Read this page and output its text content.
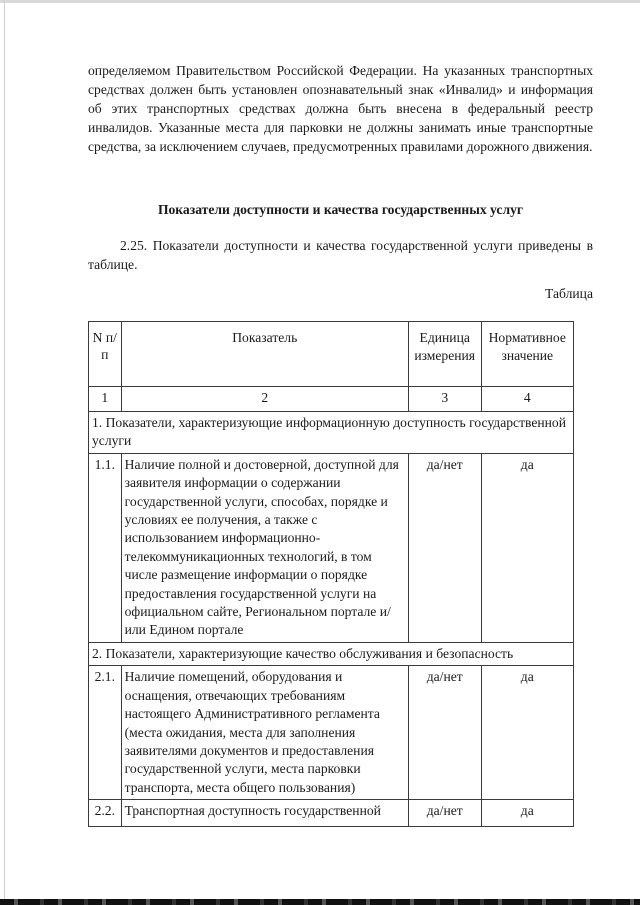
определяемом Правительством Российской Федерации. На указанных транспортных средствах должен быть установлен опознавательный знак «Инвалид» и информация об этих транспортных средствах должна быть внесена в федеральный реестр инвалидов. Указанные места для парковки не должны занимать иные транспортные средства, за исключением случаев, предусмотренных правилами дорожного движения.

Показатели доступности и качества государственных услуг

2.25. Показатели доступности и качества государственной услуги приведены в таблице.

Таблица

N п/п	Показатель	Единица измерения	Нормативное значение
1	2	3	4
1. Показатели, характеризующие информационную доступность государственной услуги			
1.1.	Наличие полной и достоверной, доступной для заявителя информации о содержании государственной услуги, способах, порядке и условиях ее получения, а также с использованием информационно-телекоммуникационных технологий, в том числе размещение информации о порядке предоставления государственной услуги на официальном сайте, Региональном портале и/или Едином портале	да/нет	да
2. Показатели, характеризующие качество обслуживания и безопасность			
2.1.	Наличие помещений, оборудования и оснащения, отвечающих требованиям настоящего Административного регламента (места ожидания, места для заполнения заявителями документов и предоставления государственной услуги, места парковки транспорта, места общего пользования)	да/нет	да
2.2.	Транспортная доступность государственной	да/нет	да
